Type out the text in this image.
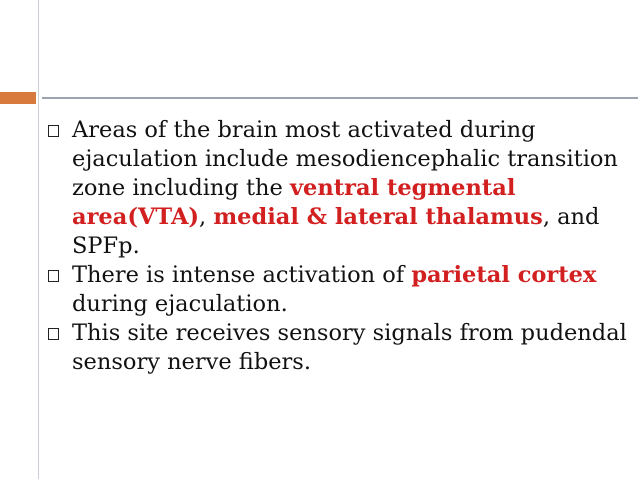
Areas of the brain most activated during ejaculation include mesodiencephalic transition zone including the ventral tegmental area(VTA), medial & lateral thalamus, and SPFp.
There is intense activation of parietal cortex during ejaculation.
This site receives sensory signals from pudendal sensory nerve fibers.
